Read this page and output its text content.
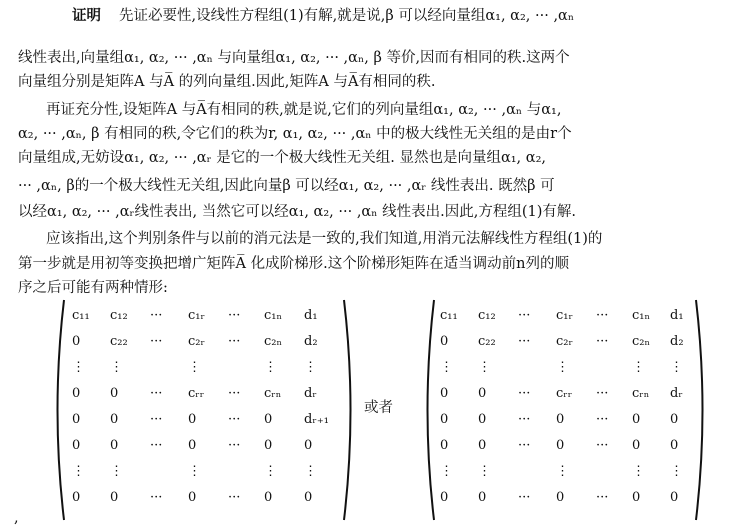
证明 先证必要性,设线性方程组(1)有解,就是说,β 可以经向量组α₁, α₂, ··· ,αₙ
线性表出,向量组α₁, α₂, ··· ,αₙ 与向量组α₁, α₂, ··· ,αₙ, β 等价,因而有相同的秩.这两个
向量组分别是矩阵A 与A̅ 的列向量组.因此,矩阵A 与A̅有相同的秩.
再证充分性,设矩阵A 与A̅有相同的秩,就是说,它们的列向量组α₁, α₂, ··· ,αₙ 与α₁,
α₂, ··· ,αₙ, β 有相同的秩,令它们的秩为r, α₁, α₂, ··· ,αₙ 中的极大线性无关组的是由r个
向量组成,无妨设α₁, α₂, ··· ,αᵣ 是它的一个极大线性无关组. 显然也是向量组α₁, α₂,
··· ,αₙ, β的一个极大线性无关组,因此向量β 可以经α₁, α₂, ··· ,αᵣ 线性表出. 既然β 可
以经α₁, α₂, ··· ,αᵣ线性表出, 当然它可以经α₁, α₂, ··· ,αₙ 线性表出.因此,方程组(1)有解.
应该指出,这个判别条件与以前的消元法是一致的,我们知道,用消元法解线性方程组(1)的
第一步就是用初等变换把增广矩阵A̅ 化成阶梯形.这个阶梯形矩阵在适当调动前n列的顺
序之后可能有两种情形:
c₁₁	c₁₂	···	c₁ᵣ	···	c₁ₙ	d₁
0	c₂₂	···	c₂ᵣ	···	c₂ₙ	d₂
⋮	⋮		⋮		⋮	⋮
0	0	···	cᵣᵣ	···	cᵣₙ	dᵣ
0	0	···	0	···	0	dᵣ₊₁
0	0	···	0	···	0	0
⋮	⋮		⋮		⋮	⋮
0	0	···	0	···	0	0
或者
c₁₁	c₁₂	···	c₁ᵣ	···	c₁ₙ	d₁
0	c₂₂	···	c₂ᵣ	···	c₂ₙ	d₂
⋮	⋮		⋮		⋮	⋮
0	0	···	cᵣᵣ	···	cᵣₙ	dᵣ
0	0	···	0	···	0	0
0	0	···	0	···	0	0
⋮	⋮		⋮		⋮	⋮
0	0	···	0	···	0	0
,
